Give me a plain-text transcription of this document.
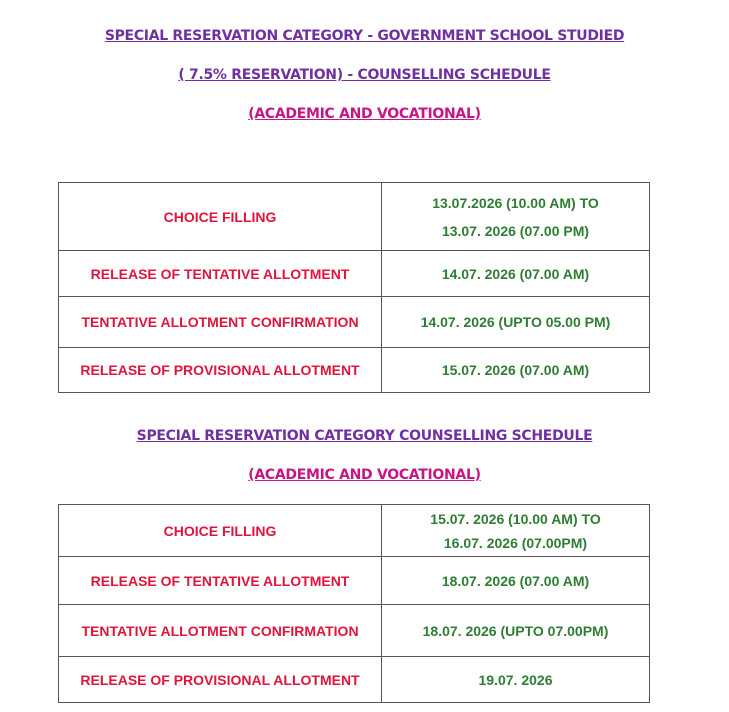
SPECIAL RESERVATION CATEGORY - GOVERNMENT SCHOOL STUDIED
( 7.5% RESERVATION) - COUNSELLING SCHEDULE
(ACADEMIC AND VOCATIONAL)
CHOICE FILLING	13.07.2026 (10.00 AM) TO
13.07. 2026 (07.00 PM)

RELEASE OF TENTATIVE ALLOTMENT	14.07. 2026 (07.00 AM)

TENTATIVE ALLOTMENT CONFIRMATION	14.07. 2026 (UPTO 05.00 PM)

RELEASE OF PROVISIONAL ALLOTMENT	15.07. 2026 (07.00 AM)
SPECIAL RESERVATION CATEGORY COUNSELLING SCHEDULE
(ACADEMIC AND VOCATIONAL)
CHOICE FILLING	15.07. 2026 (10.00 AM) TO
16.07. 2026 (07.00PM)

RELEASE OF TENTATIVE ALLOTMENT	18.07. 2026 (07.00 AM)

TENTATIVE ALLOTMENT CONFIRMATION	18.07. 2026 (UPTO 07.00PM)

RELEASE OF PROVISIONAL ALLOTMENT	19.07. 2026
